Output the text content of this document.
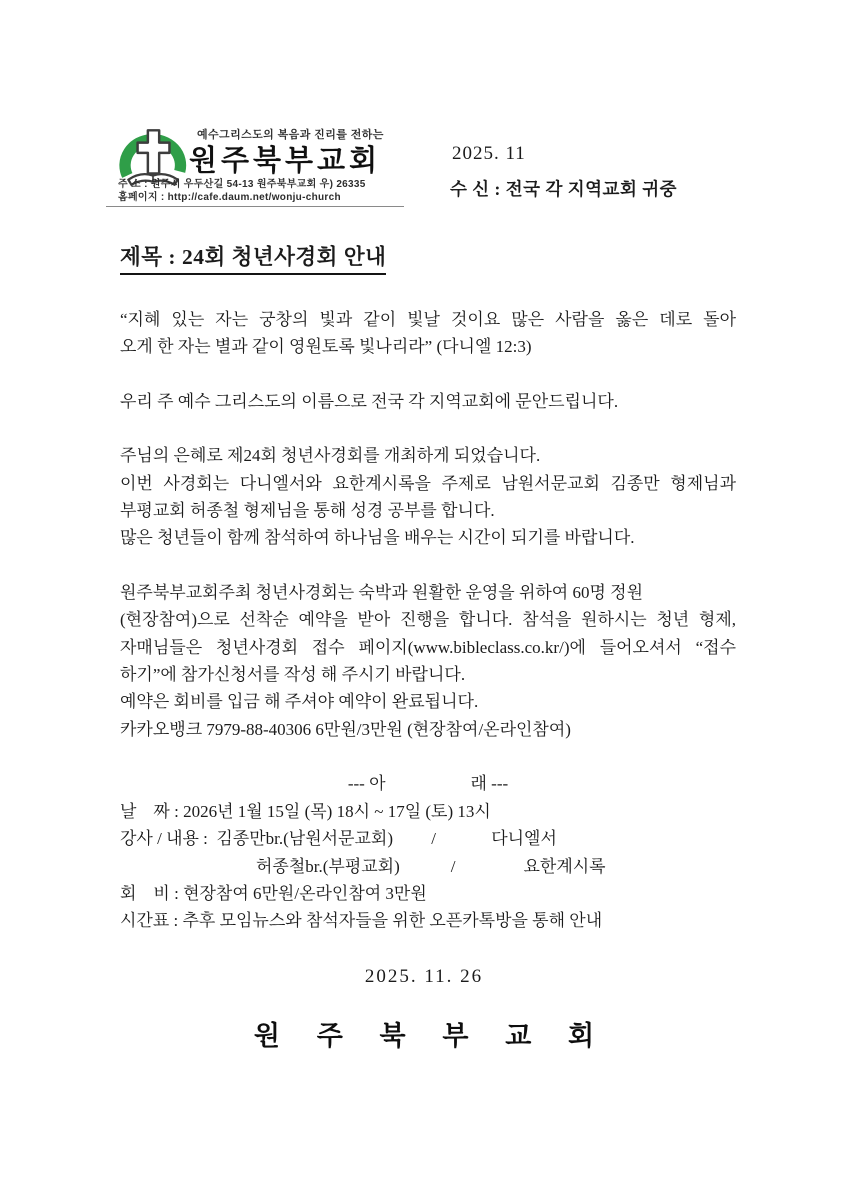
예수그리스도의 복음과 진리를 전하는
원주북부교회
주 소 : 원주시 우두산길 54-13 원주북부교회 우) 26335
홈페이지 : http://cafe.daum.net/wonju-church
2025. 11
수 신 : 전국 각 지역교회 귀중
제목 : 24회 청년사경회 안내
“지혜 있는 자는 궁창의 빛과 같이 빛날 것이요 많은 사람을 옳은 데로 돌아
오게 한 자는 별과 같이 영원토록 빛나리라” (다니엘 12:3)
우리 주 예수 그리스도의 이름으로 전국 각 지역교회에 문안드립니다.
주님의 은혜로 제24회 청년사경회를 개최하게 되었습니다.
이번 사경회는 다니엘서와 요한계시록을 주제로 남원서문교회 김종만 형제님과
부평교회 허종철 형제님을 통해 성경 공부를 합니다.
많은 청년들이 함께 참석하여 하나님을 배우는 시간이 되기를 바랍니다.
원주북부교회주최 청년사경회는 숙박과 원활한 운영을 위하여 60명 정원
(현장참여)으로 선착순 예약을 받아 진행을 합니다. 참석을 원하시는 청년 형제,
자매님들은 청년사경회 접수 페이지(www.bibleclass.co.kr/)에 들어오셔서 “접수
하기”에 참가신청서를 작성 해 주시기 바랍니다.
예약은 회비를 입금 해 주셔야 예약이 완료됩니다.
카카오뱅크 7979-88-40306 6만원/3만원 (현장참여/온라인참여)
--- 아　　　　　래 ---
날　짜 : 2026년 1월 15일 (목) 18시 ~ 17일 (토) 13시
강사 / 내용 :  김종만br.(남원서문교회)　　 /　　　 다니엘서
　　　　　　　　허종철br.(부평교회)　　　/　　　　요한계시록
회　비 : 현장참여 6만원/온라인참여 3만원
시간표 : 추후 모임뉴스와 참석자들을 위한 오픈카톡방을 통해 안내
2025. 11. 26
원 주 북 부 교 회
